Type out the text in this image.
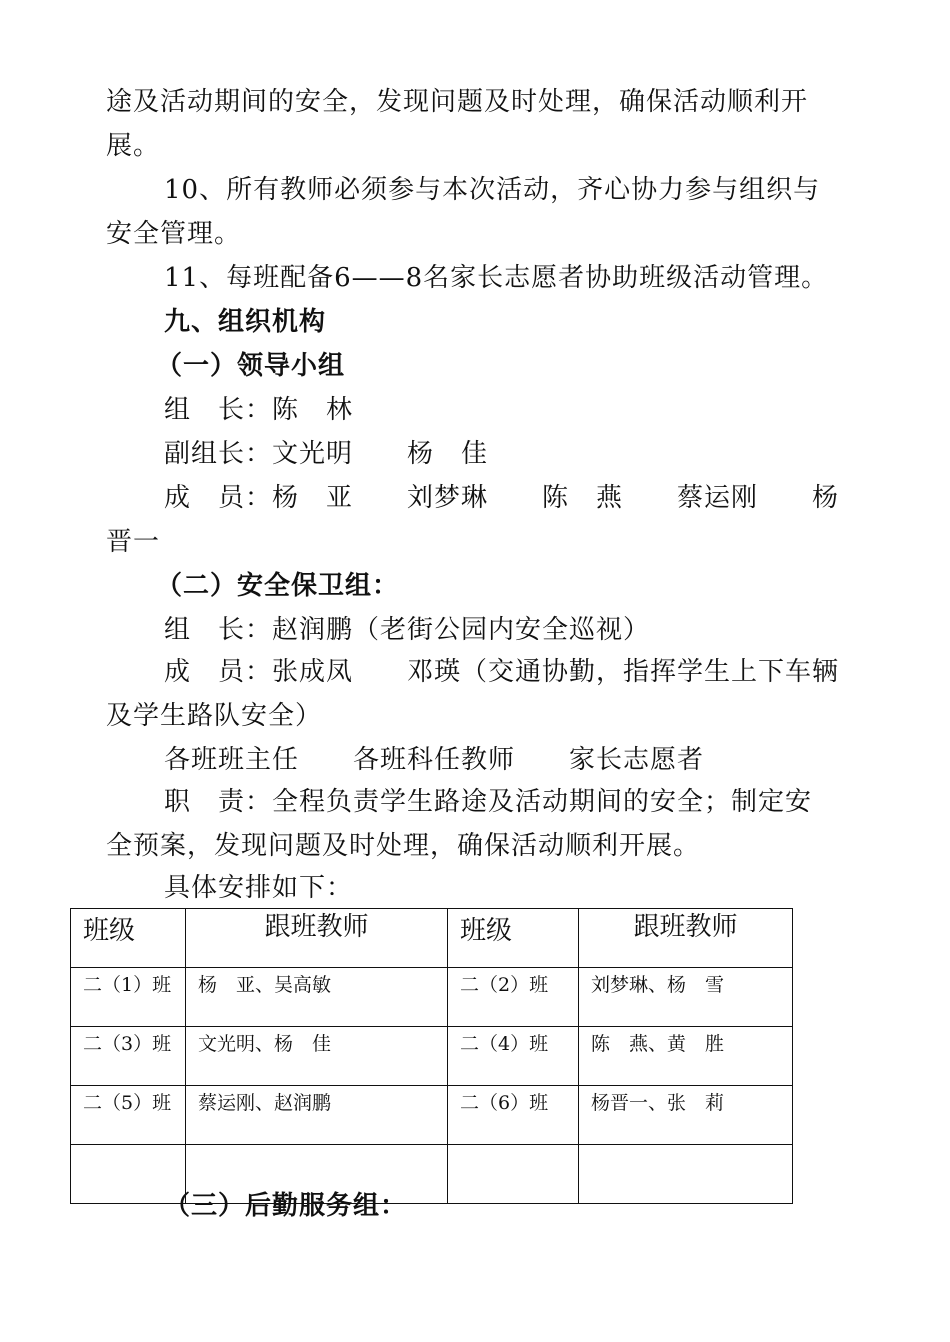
途及活动期间的安全，发现问题及时处理，确保活动顺利开
展。
10、所有教师必须参与本次活动，齐心协力参与组织与
安全管理。
11、每班配备6——8名家长志愿者协助班级活动管理。
九、组织机构
（一）领导小组
组　长：陈　林
副组长：文光明　　杨　佳
成　员：杨　亚　　刘梦琳　　陈　燕　　蔡运刚　　杨
晋一
（二）安全保卫组：
组　长：赵润鹏（老街公园内安全巡视）
成　员：张成凤　　邓瑛（交通协勤，指挥学生上下车辆
及学生路队安全）
各班班主任　　各班科任教师　　家长志愿者
职　责：全程负责学生路途及活动期间的安全；制定安
全预案，发现问题及时处理，确保活动顺利开展。
具体安排如下：
班级	跟班教师	班级	跟班教师
二（1）班	杨　亚、吴高敏	二（2）班	刘梦琳、杨　雪
二（3）班	文光明、杨　佳	二（4）班	陈　燕、黄　胜
二（5）班	蔡运刚、赵润鹏	二（6）班	杨晋一、张　莉

（三）后勤服务组：
